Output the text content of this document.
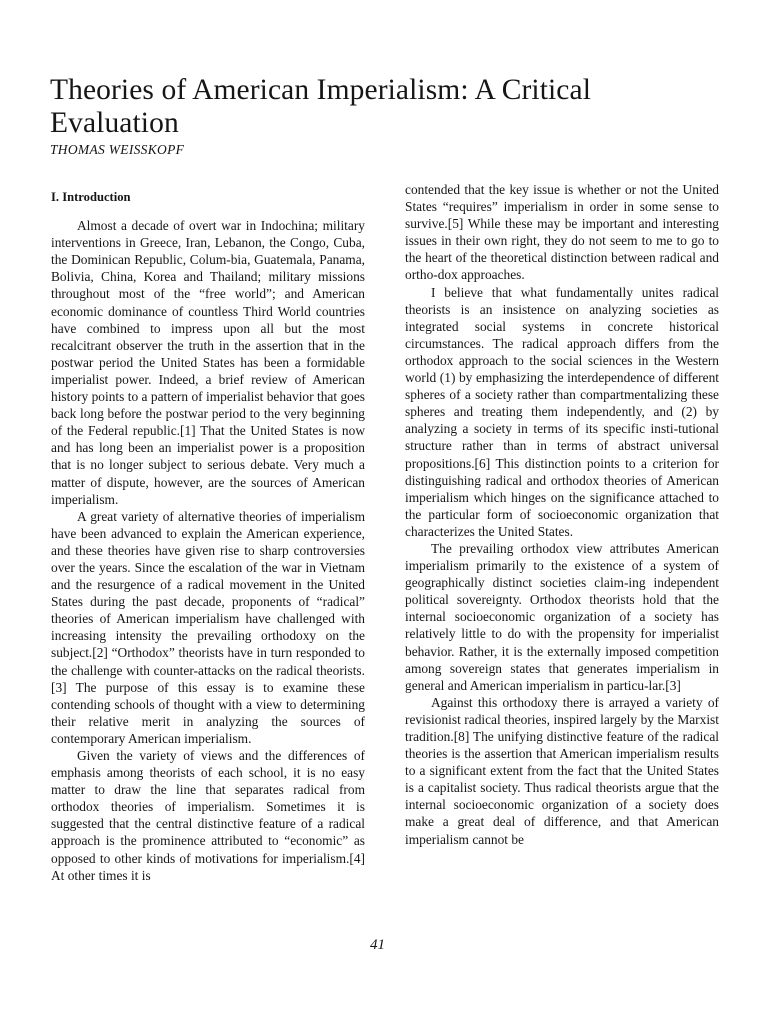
Theories of American Imperialism: A Critical Evaluation
THOMAS WEISSKOPF
I. Introduction

Almost a decade of overt war in Indochina; military interventions in Greece, Iran, Lebanon, the Congo, Cuba, the Dominican Republic, Colum-bia, Guatemala, Panama, Bolivia, China, Korea and Thailand; military missions throughout most of the “free world”; and American economic dominance of countless Third World countries have combined to impress upon all but the most recalcitrant observer the truth in the assertion that in the postwar period the United States has been a formidable imperialist power. Indeed, a brief review of American history points to a pattern of imperialist behavior that goes back long before the postwar period to the very beginning of the Federal republic.[1] That the United States is now and has long been an imperialist power is a proposition that is no longer subject to serious debate. Very much a matter of dispute, however, are the sources of American imperialism.

A great variety of alternative theories of imperialism have been advanced to explain the American experience, and these theories have given rise to sharp controversies over the years. Since the escalation of the war in Vietnam and the resurgence of a radical movement in the United States during the past decade, proponents of “radical” theories of American imperialism have challenged with increasing intensity the prevailing orthodoxy on the subject.[2] “Orthodox” theorists have in turn responded to the challenge with counter-attacks on the radical theorists.[3] The purpose of this essay is to examine these contending schools of thought with a view to determining their relative merit in analyzing the sources of contemporary American imperialism.

Given the variety of views and the differences of emphasis among theorists of each school, it is no easy matter to draw the line that separates radical from orthodox theories of imperialism. Sometimes it is suggested that the central distinctive feature of a radical approach is the prominence attributed to “economic” as opposed to other kinds of motivations for imperialism.[4] At other times it is

contended that the key issue is whether or not the United States “requires” imperialism in order in some sense to survive.[5] While these may be important and interesting issues in their own right, they do not seem to me to go to the heart of the theoretical distinction between radical and ortho-dox approaches.

I believe that what fundamentally unites radical theorists is an insistence on analyzing societies as integrated social systems in concrete historical circumstances. The radical approach differs from the orthodox approach to the social sciences in the Western world (1) by emphasizing the interdependence of different spheres of a society rather than compartmentalizing these spheres and treating them independently, and (2) by analyzing a society in terms of its specific insti-tutional structure rather than in terms of abstract universal propositions.[6] This distinction points to a criterion for distinguishing radical and orthodox theories of American imperialism which hinges on the significance attached to the particular form of socioeconomic organization that characterizes the United States.

The prevailing orthodox view attributes American imperialism primarily to the existence of a system of geographically distinct societies claim-ing independent political sovereignty. Orthodox theorists hold that the internal socioeconomic organization of a society has relatively little to do with the propensity for imperialist behavior. Rather, it is the externally imposed competition among sovereign states that generates imperialism in general and American imperialism in particu-lar.[3]

Against this orthodoxy there is arrayed a variety of revisionist radical theories, inspired largely by the Marxist tradition.[8] The unifying distinctive feature of the radical theories is the assertion that American imperialism results to a significant extent from the fact that the United States is a capitalist society. Thus radical theorists argue that the internal socioeconomic organization of a society does make a great deal of difference, and that American imperialism cannot be

41
